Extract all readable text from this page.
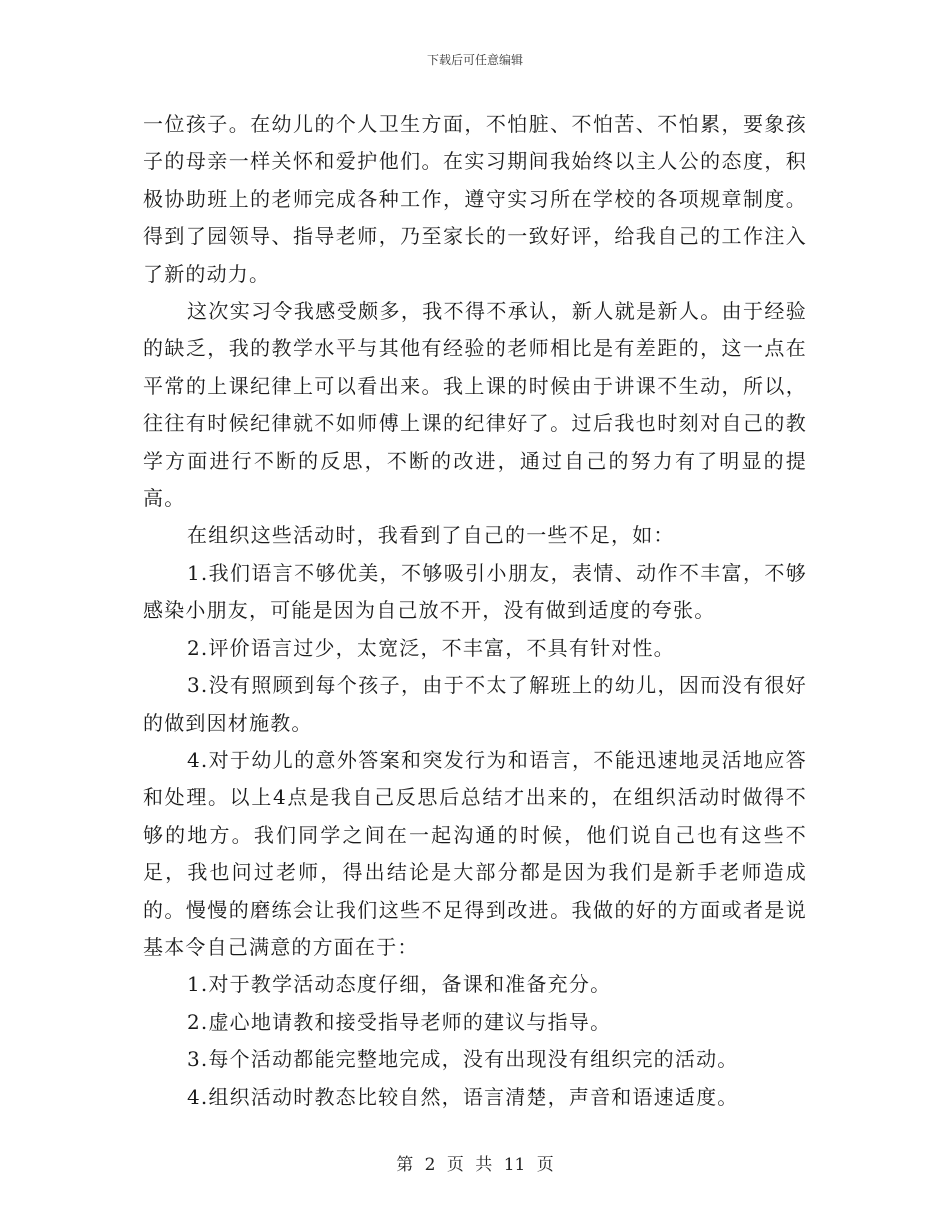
下载后可任意编辑

一位孩子。在幼儿的个人卫生方面，不怕脏、不怕苦、不怕累，要象孩子的母亲一样关怀和爱护他们。在实习期间我始终以主人公的态度，积极协助班上的老师完成各种工作，遵守实习所在学校的各项规章制度。得到了园领导、指导老师，乃至家长的一致好评，给我自己的工作注入了新的动力。

这次实习令我感受颇多，我不得不承认，新人就是新人。由于经验的缺乏，我的教学水平与其他有经验的老师相比是有差距的，这一点在平常的上课纪律上可以看出来。我上课的时候由于讲课不生动，所以，往往有时候纪律就不如师傅上课的纪律好了。过后我也时刻对自己的教学方面进行不断的反思，不断的改进，通过自己的努力有了明显的提高。

在组织这些活动时，我看到了自己的一些不足，如：

1.我们语言不够优美，不够吸引小朋友，表情、动作不丰富，不够感染小朋友，可能是因为自己放不开，没有做到适度的夸张。

2.评价语言过少，太宽泛，不丰富，不具有针对性。

3.没有照顾到每个孩子，由于不太了解班上的幼儿，因而没有很好的做到因材施教。

4.对于幼儿的意外答案和突发行为和语言，不能迅速地灵活地应答和处理。以上4点是我自己反思后总结才出来的，在组织活动时做得不够的地方。我们同学之间在一起沟通的时候，他们说自己也有这些不足，我也问过老师，得出结论是大部分都是因为我们是新手老师造成的。慢慢的磨练会让我们这些不足得到改进。我做的好的方面或者是说基本令自己满意的方面在于：

1.对于教学活动态度仔细，备课和准备充分。

2.虚心地请教和接受指导老师的建议与指导。

3.每个活动都能完整地完成，没有出现没有组织完的活动。

4.组织活动时教态比较自然，语言清楚，声音和语速适度。

第 2 页 共 11 页
